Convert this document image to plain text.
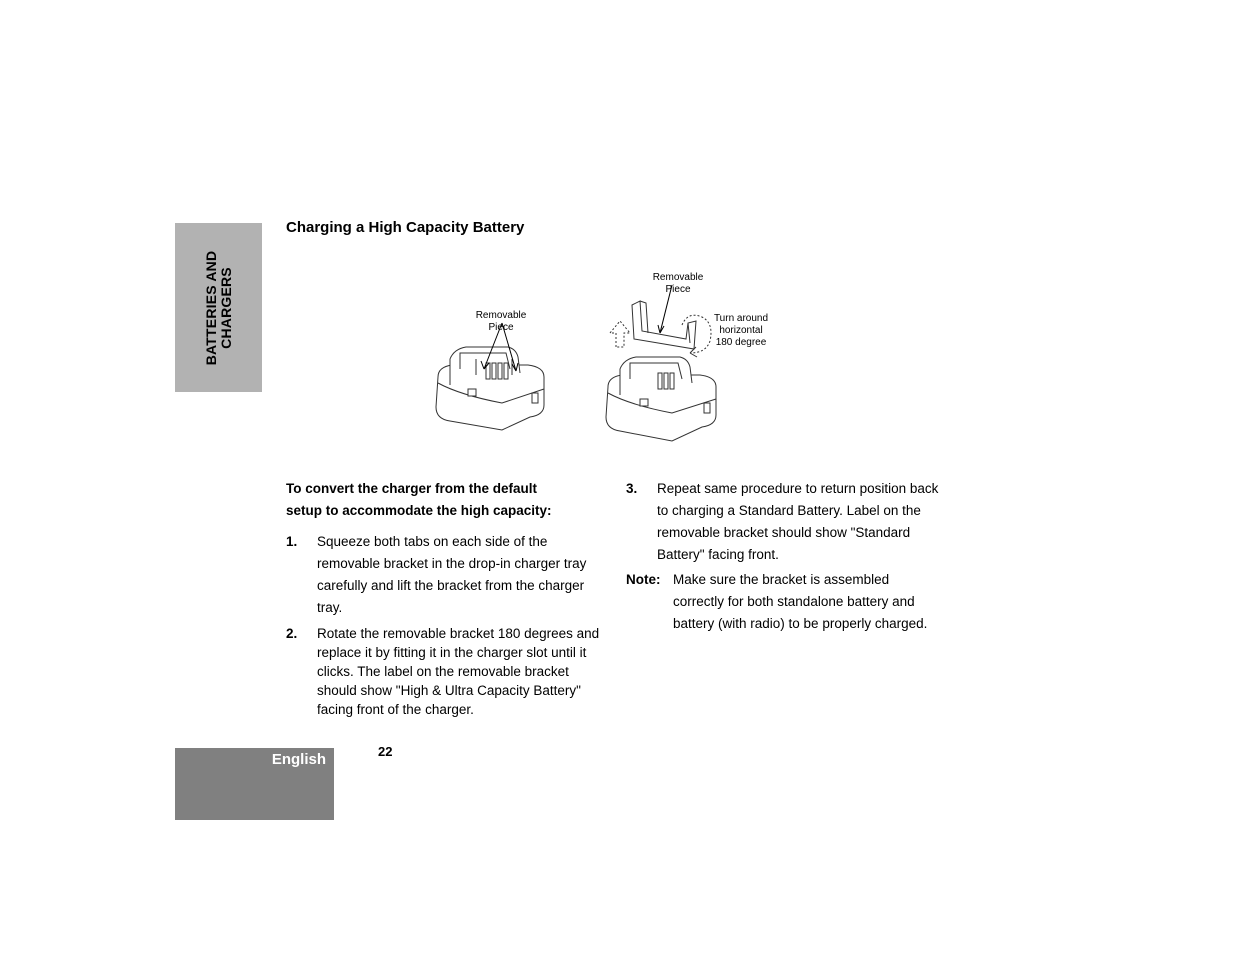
BATTERIES AND CHARGERS
Charging a High Capacity Battery
Removable
Piece
Removable
Piece
Turn around
horizontal
180 degree
To convert the charger from the default
setup to accommodate the high capacity:
1. Squeeze both tabs on each side of the
removable bracket in the drop-in charger tray
carefully and lift the bracket from the charger
tray.
2. Rotate the removable bracket 180 degrees and
replace it by fitting it in the charger slot until it
clicks. The label on the removable bracket
should show "High & Ultra Capacity Battery"
facing front of the charger.
3. Repeat same procedure to return position back
to charging a Standard Battery. Label on the
removable bracket should show "Standard
Battery" facing front.
Note: Make sure the bracket is assembled
correctly for both standalone battery and
battery (with radio) to be properly charged.
English	22
